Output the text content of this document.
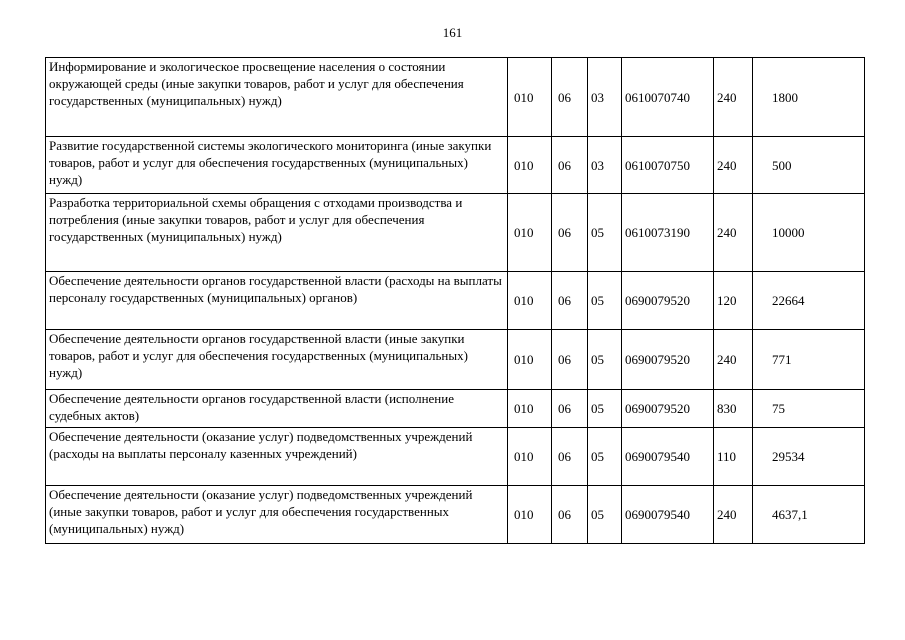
161
Информирование и экологическое просвещение населения о состоянии окружающей среды (иные закупки товаров, работ и услуг для обеспечения государственных (муниципальных) нужд)	010	06	03	0610070740	240	1800
Развитие государственной системы экологического мониторинга (иные закупки товаров, работ и услуг для обеспечения государственных (муниципальных) нужд)	010	06	03	0610070750	240	500
Разработка территориальной схемы обращения с отходами производства и потребления (иные закупки товаров, работ и услуг для обеспечения государственных (муниципальных) нужд)	010	06	05	0610073190	240	10000
Обеспечение деятельности органов государственной власти (расходы на выплаты персоналу государственных (муниципальных) органов)	010	06	05	0690079520	120	22664
Обеспечение деятельности органов государственной власти (иные закупки товаров, работ и услуг для обеспечения государственных (муниципальных) нужд)	010	06	05	0690079520	240	771
Обеспечение деятельности органов государственной власти (исполнение судебных актов)	010	06	05	0690079520	830	75
Обеспечение деятельности (оказание услуг) подведомственных учреждений (расходы на выплаты персоналу казенных учреждений)	010	06	05	0690079540	110	29534
Обеспечение деятельности (оказание услуг) подведомственных учреждений (иные закупки товаров, работ и услуг для обеспечения государственных (муниципальных) нужд)	010	06	05	0690079540	240	4637,1
